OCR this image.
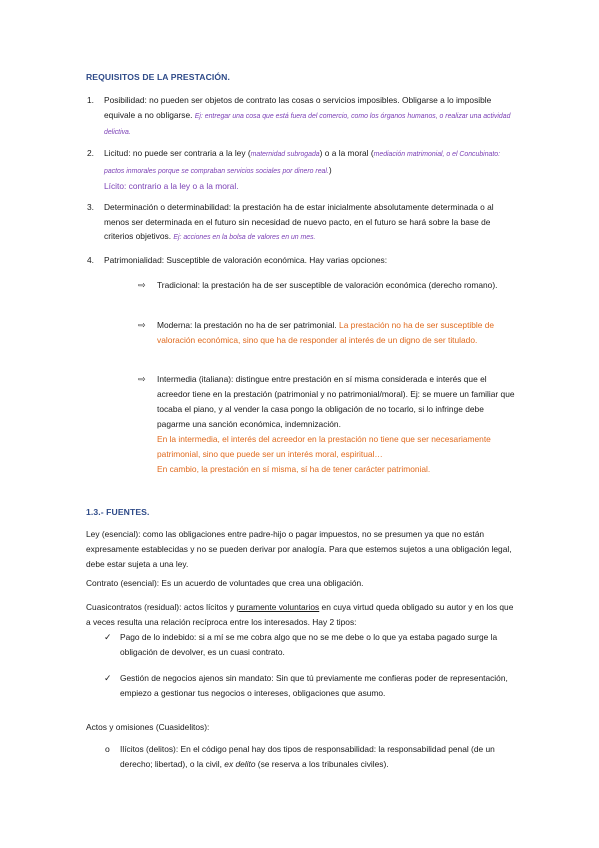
REQUISITOS DE LA PRESTACIÓN.
1. Posibilidad: no pueden ser objetos de contrato las cosas o servicios imposibles. Obligarse a lo imposible equivale a no obligarse. Ej: entregar una cosa que está fuera del comercio, como los órganos humanos, o realizar una actividad delictiva.
2. Licitud: no puede ser contraria a la ley (maternidad subrogada) o a la moral (mediación matrimonial, o el Concubinato: pactos inmorales porque se compraban servicios sociales por dinero real.)
Lícito: contrario a la ley o a la moral.
3. Determinación o determinabilidad: la prestación ha de estar inicialmente absolutamente determinada o al menos ser determinada en el futuro sin necesidad de nuevo pacto, en el futuro se hará sobre la base de criterios objetivos. Ej: acciones en la bolsa de valores en un mes.
4. Patrimonialidad: Susceptible de valoración económica. Hay varias opciones:
⇨ Tradicional: la prestación ha de ser susceptible de valoración económica (derecho romano).
⇨ Moderna: la prestación no ha de ser patrimonial. La prestación no ha de ser susceptible de valoración económica, sino que ha de responder al interés de un digno de ser titulado.
⇨ Intermedia (italiana): distingue entre prestación en sí misma considerada e interés que el acreedor tiene en la prestación (patrimonial y no patrimonial/moral). Ej: se muere un familiar que tocaba el piano, y al vender la casa pongo la obligación de no tocarlo, si lo infringe debe pagarme una sanción económica, indemnización.
En la intermedia, el interés del acreedor en la prestación no tiene que ser necesariamente patrimonial, sino que puede ser un interés moral, espiritual…
En cambio, la prestación en sí misma, sí ha de tener carácter patrimonial.
1.3.- FUENTES.
Ley (esencial): como las obligaciones entre padre-hijo o pagar impuestos, no se presumen ya que no están expresamente establecidas y no se pueden derivar por analogía. Para que estemos sujetos a una obligación legal, debe estar sujeta a una ley.
Contrato (esencial): Es un acuerdo de voluntades que crea una obligación.
Cuasicontratos (residual): actos lícitos y puramente voluntarios en cuya virtud queda obligado su autor y en los que a veces resulta una relación recíproca entre los interesados. Hay 2 tipos:
✓ Pago de lo indebido: si a mí se me cobra algo que no se me debe o lo que ya estaba pagado surge la obligación de devolver, es un cuasi contrato.
✓ Gestión de negocios ajenos sin mandato: Sin que tú previamente me confieras poder de representación, empiezo a gestionar tus negocios o intereses, obligaciones que asumo.
Actos y omisiones (Cuasidelitos):
o Ilícitos (delitos): En el código penal hay dos tipos de responsabilidad: la responsabilidad penal (de un derecho; libertad), o la civil, ex delito (se reserva a los tribunales civiles).
